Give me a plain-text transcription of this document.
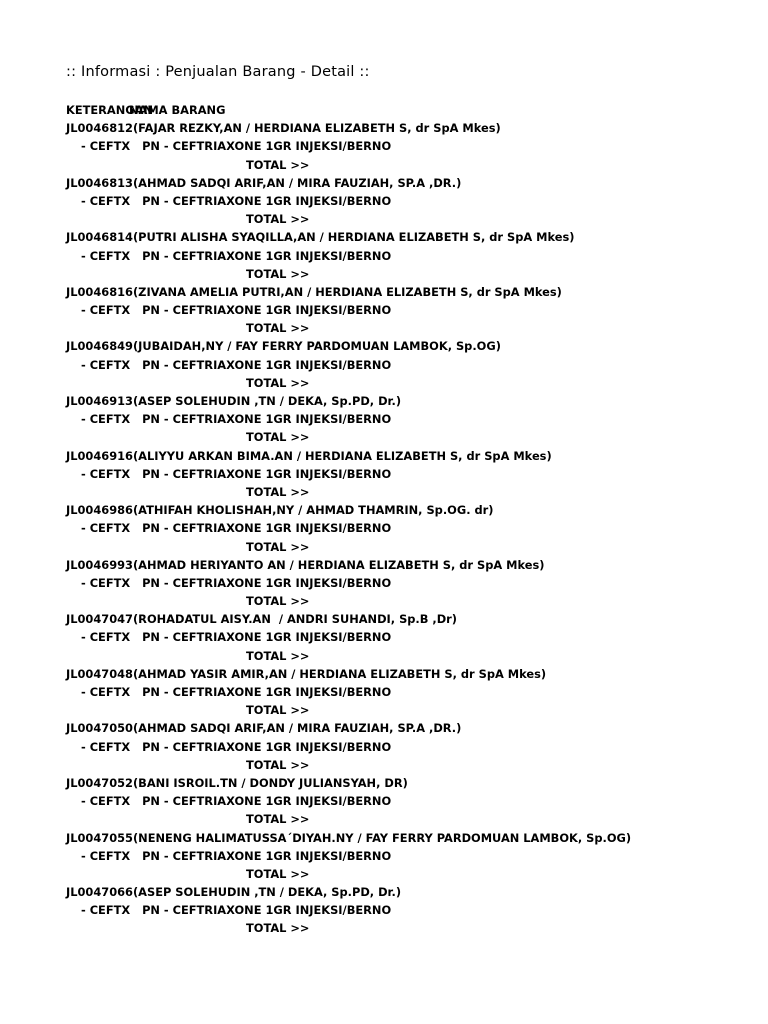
:: Informasi : Penjualan Barang - Detail ::
KETERANGAN
NAMA BARANG
JL0046812(FAJAR REZKY,AN / HERDIANA ELIZABETH S, dr SpA Mkes)
- CEFTX   PN - CEFTRIAXONE 1GR INJEKSI/BERNO
TOTAL >>
JL0046813(AHMAD SADQI ARIF,AN / MIRA FAUZIAH, SP.A ,DR.)
- CEFTX   PN - CEFTRIAXONE 1GR INJEKSI/BERNO
TOTAL >>
JL0046814(PUTRI ALISHA SYAQILLA,AN / HERDIANA ELIZABETH S, dr SpA Mkes)
- CEFTX   PN - CEFTRIAXONE 1GR INJEKSI/BERNO
TOTAL >>
JL0046816(ZIVANA AMELIA PUTRI,AN / HERDIANA ELIZABETH S, dr SpA Mkes)
- CEFTX   PN - CEFTRIAXONE 1GR INJEKSI/BERNO
TOTAL >>
JL0046849(JUBAIDAH,NY / FAY FERRY PARDOMUAN LAMBOK, Sp.OG)
- CEFTX   PN - CEFTRIAXONE 1GR INJEKSI/BERNO
TOTAL >>
JL0046913(ASEP SOLEHUDIN ,TN / DEKA, Sp.PD, Dr.)
- CEFTX   PN - CEFTRIAXONE 1GR INJEKSI/BERNO
TOTAL >>
JL0046916(ALIYYU ARKAN BIMA.AN / HERDIANA ELIZABETH S, dr SpA Mkes)
- CEFTX   PN - CEFTRIAXONE 1GR INJEKSI/BERNO
TOTAL >>
JL0046986(ATHIFAH KHOLISHAH,NY / AHMAD THAMRIN, Sp.OG. dr)
- CEFTX   PN - CEFTRIAXONE 1GR INJEKSI/BERNO
TOTAL >>
JL0046993(AHMAD HERIYANTO AN / HERDIANA ELIZABETH S, dr SpA Mkes)
- CEFTX   PN - CEFTRIAXONE 1GR INJEKSI/BERNO
TOTAL >>
JL0047047(ROHADATUL AISY.AN  / ANDRI SUHANDI, Sp.B ,Dr)
- CEFTX   PN - CEFTRIAXONE 1GR INJEKSI/BERNO
TOTAL >>
JL0047048(AHMAD YASIR AMIR,AN / HERDIANA ELIZABETH S, dr SpA Mkes)
- CEFTX   PN - CEFTRIAXONE 1GR INJEKSI/BERNO
TOTAL >>
JL0047050(AHMAD SADQI ARIF,AN / MIRA FAUZIAH, SP.A ,DR.)
- CEFTX   PN - CEFTRIAXONE 1GR INJEKSI/BERNO
TOTAL >>
JL0047052(BANI ISROIL.TN / DONDY JULIANSYAH, DR)
- CEFTX   PN - CEFTRIAXONE 1GR INJEKSI/BERNO
TOTAL >>
JL0047055(NENENG HALIMATUSSA´DIYAH.NY / FAY FERRY PARDOMUAN LAMBOK, Sp.OG)
- CEFTX   PN - CEFTRIAXONE 1GR INJEKSI/BERNO
TOTAL >>
JL0047066(ASEP SOLEHUDIN ,TN / DEKA, Sp.PD, Dr.)
- CEFTX   PN - CEFTRIAXONE 1GR INJEKSI/BERNO
TOTAL >>
